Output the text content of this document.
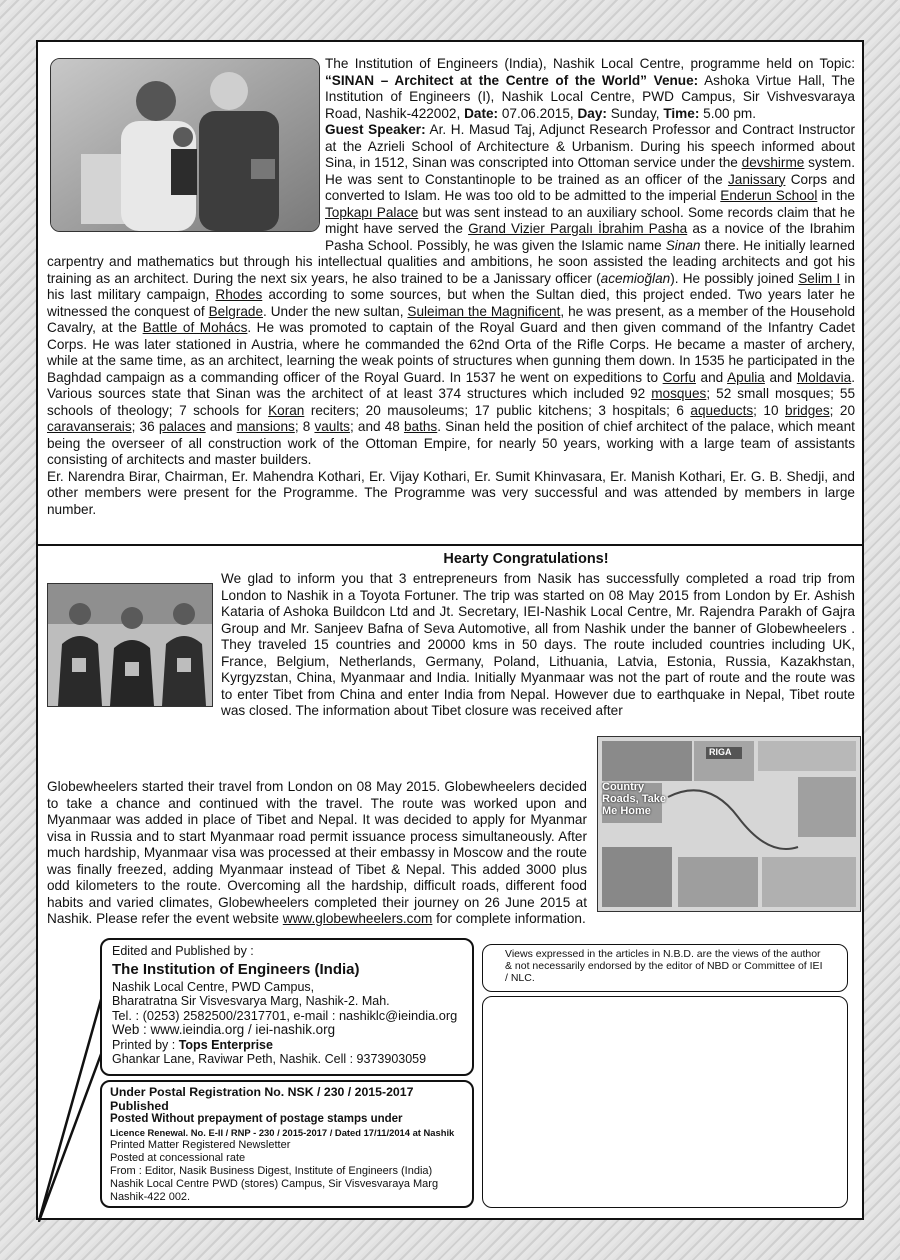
The Institution of Engineers (India), Nashik Local Centre, programme held on Topic: “SINAN – Architect at the Centre of the World” Venue: Ashoka Virtue Hall, The Institution of Engineers (I), Nashik Local Centre, PWD Campus, Sir Vishvesvaraya Road, Nashik-422002, Date: 07.06.2015, Day: Sunday, Time: 5.00 pm.
Guest Speaker: Ar. H. Masud Taj, Adjunct Research Professor and Contract Instructor at the Azrieli School of Architecture & Urbanism. During his speech informed about Sina, in 1512, Sinan was conscripted into Ottoman service under the devshirme system. He was sent to Constantinople to be trained as an officer of the Janissary Corps and converted to Islam. He was too old to be admitted to the imperial Enderun School in the Topkapı Palace but was sent instead to an auxiliary school. Some records claim that he might have served the Grand Vizier Pargalı İbrahim Pasha as a novice of the Ibrahim Pasha School. Possibly, he was given the Islamic name Sinan there. He initially learned carpentry and mathematics but through his intellectual qualities and ambitions, he soon assisted the leading architects and got his training as an architect. During the next six years, he also trained to be a Janissary officer (acemioğlan). He possibly joined Selim I in his last military campaign, Rhodes according to some sources, but when the Sultan died, this project ended. Two years later he witnessed the conquest of Belgrade. Under the new sultan, Suleiman the Magnificent, he was present, as a member of the Household Cavalry, at the Battle of Mohács. He was promoted to captain of the Royal Guard and then given command of the Infantry Cadet Corps. He was later stationed in Austria, where he commanded the 62nd Orta of the Rifle Corps. He became a master of archery, while at the same time, as an architect, learning the weak points of structures when gunning them down. In 1535 he participated in the Baghdad campaign as a commanding officer of the Royal Guard. In 1537 he went on expeditions to Corfu and Apulia and Moldavia. Various sources state that Sinan was the architect of at least 374 structures which included 92 mosques; 52 small mosques; 55 schools of theology; 7 schools for Koran reciters; 20 mausoleums; 17 public kitchens; 3 hospitals; 6 aqueducts; 10 bridges; 20 caravanserais; 36 palaces and mansions; 8 vaults; and 48 baths. Sinan held the position of chief architect of the palace, which meant being the overseer of all construction work of the Ottoman Empire, for nearly 50 years, working with a large team of assistants consisting of architects and master builders.
Er. Narendra Birar, Chairman, Er. Mahendra Kothari, Er. Vijay Kothari, Er. Sumit Khinvasara, Er. Manish Kothari, Er. G. B. Shedji, and other members were present for the Programme. The Programme was very successful and was attended by members in large number.

Hearty Congratulations!

We glad to inform you that 3 entrepreneurs from Nasik has successfully completed a road trip from London to Nashik in a Toyota Fortuner. The trip was started on 08 May 2015 from London by Er. Ashish Kataria of Ashoka Buildcon Ltd and Jt. Secretary, IEI-Nashik Local Centre, Mr. Rajendra Parakh of Gajra Group and Mr. Sanjeev Bafna of Seva Automotive, all from Nashik under the banner of Globewheelers . They traveled 15 countries and 20000 kms in 50 days. The route included countries including UK, France, Belgium, Netherlands, Germany, Poland, Lithuania, Latvia, Estonia, Russia, Kazakhstan, Kyrgyzstan, China, Myanmaar and India. Initially Myanmaar was not the part of route and the route was to enter Tibet from China and enter India from Nepal. However due to earthquake in Nepal, Tibet route was closed. The information about Tibet closure was received after

RIGA
Country Roads, Take Me Home

Globewheelers started their travel from London on 08 May 2015. Globewheelers decided to take a chance and continued with the travel. The route was worked upon and Myanmaar was added in place of Tibet and Nepal. It was decided to apply for Myanmar visa in Russia and to start Myanmaar road permit issuance process simultaneously. After much hardship, Myanmaar visa was processed at their embassy in Moscow and the route was finally freezed, adding Myanmaar instead of Tibet & Nepal. This added 3000 plus odd kilometers to the route. Overcoming all the hardship, difficult roads, different food habits and varied climates, Globewheelers completed their journey on 26 June 2015 at Nashik. Please refer the event website www.globewheelers.com for complete information.

Edited and Published by :

The Institution of Engineers (India)

Nashik Local Centre, PWD Campus,

Bharatratna Sir Visvesvarya Marg, Nashik-2. Mah.

Tel. : (0253) 2582500/2317701, e-mail : nashiklc@ieindia.org

Web : www.ieindia.org / iei-nashik.org

Printed by : Tops Enterprise

Ghankar Lane, Raviwar Peth, Nashik. Cell : 9373903059

Views expressed in the articles in N.B.D. are the views of the author & not necessarily endorsed by the editor of NBD or Committee of IEI / NLC.

Under Postal Registration No. NSK / 230 / 2015-2017 Published

Posted Without prepayment of postage stamps under

Licence Renewal. No. E-II / RNP - 230 / 2015-2017 / Dated 17/11/2014 at Nashik

Printed Matter Registered Newsletter

Posted at concessional rate

From : Editor, Nasik Business Digest, Institute of Engineers (India)

Nashik Local Centre PWD (stores) Campus, Sir Visvesvaraya Marg

Nashik-422 002.
